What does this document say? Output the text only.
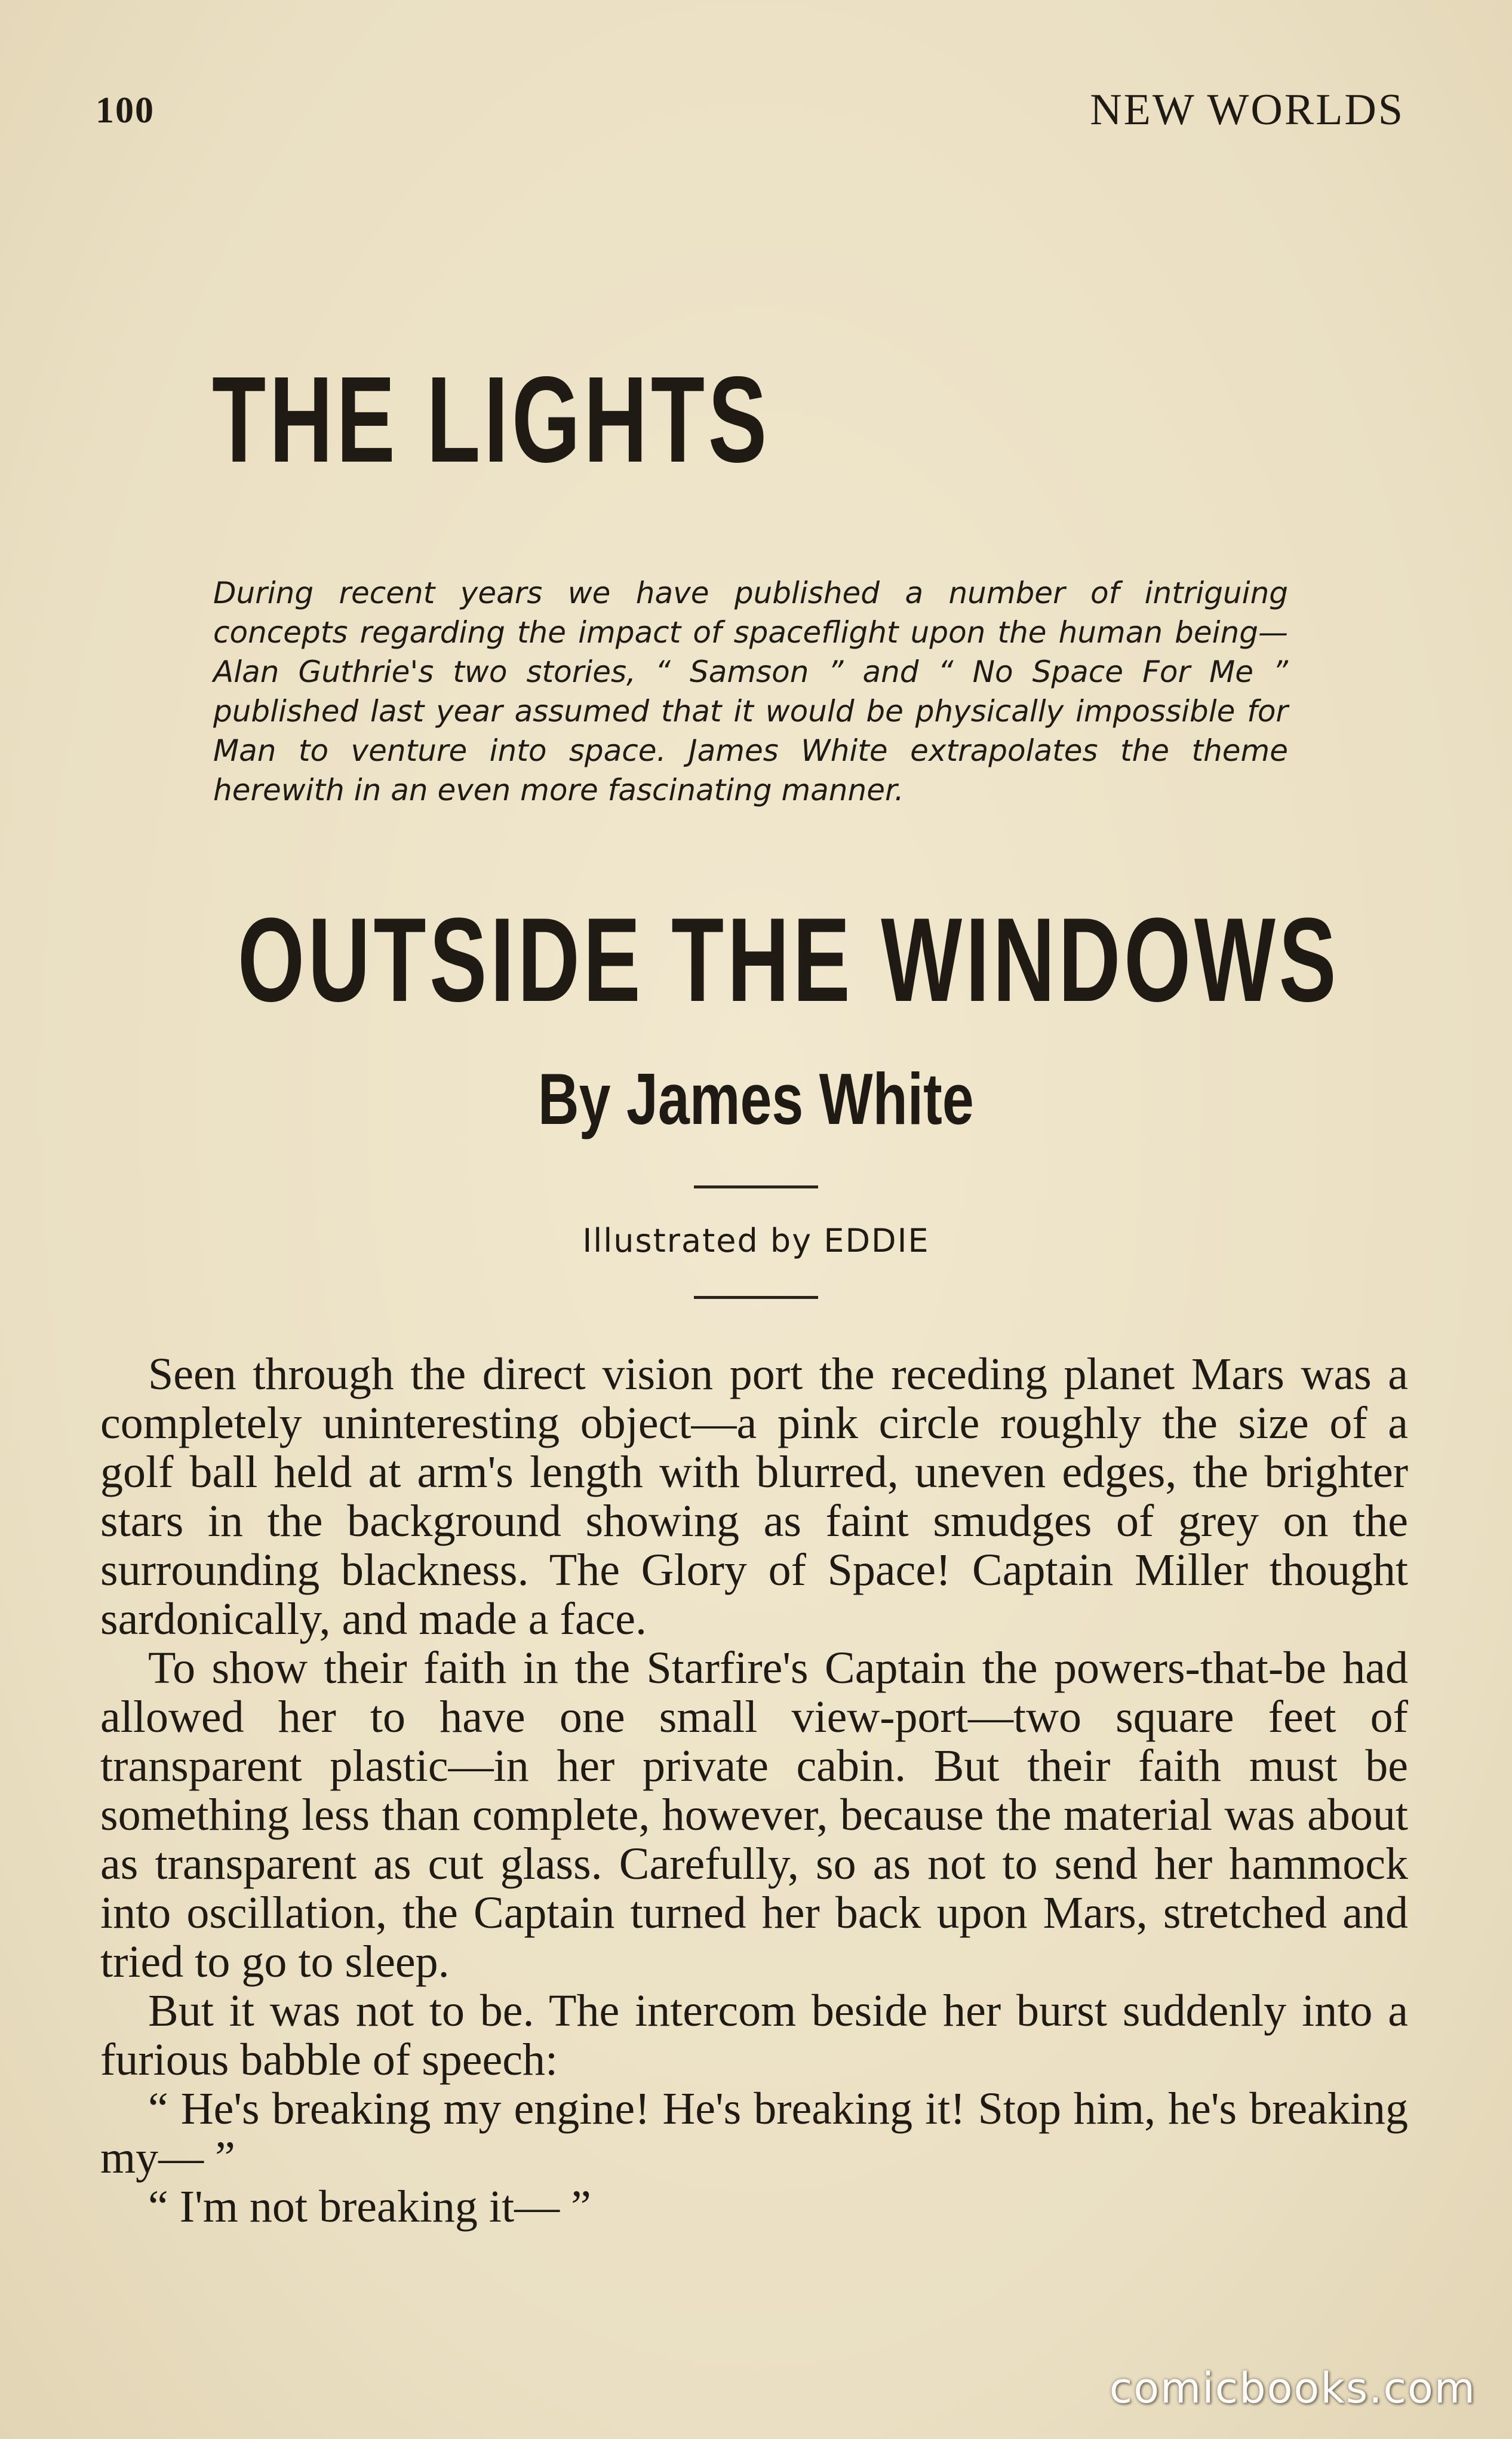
100	NEW WORLDS
THE LIGHTS
During recent years we have published a number of intriguing concepts regarding the impact of spaceflight upon the human being—Alan Guthrie's two stories, “ Samson ” and “ No Space For Me ” published last year assumed that it would be physically impossible for Man to venture into space. James White extrapolates the theme herewith in an even more fascinating manner.
OUTSIDE THE WINDOWS
By James White
Illustrated by EDDIE

Seen through the direct vision port the receding planet Mars was a completely uninteresting object—a pink circle roughly the size of a golf ball held at arm's length with blurred, uneven edges, the brighter stars in the background showing as faint smudges of grey on the surrounding blackness. The Glory of Space! Captain Miller thought sardonically, and made a face.

To show their faith in the Starfire's Captain the powers-that-be had allowed her to have one small view-port—two square feet of transparent plastic—in her private cabin. But their faith must be something less than complete, however, because the material was about as transparent as cut glass. Carefully, so as not to send her hammock into oscillation, the Captain turned her back upon Mars, stretched and tried to go to sleep.

But it was not to be. The intercom beside her burst suddenly into a furious babble of speech:

“ He's breaking my engine! He's breaking it! Stop him, he's breaking my— ”

“ I'm not breaking it— ”

comicbooks.com
